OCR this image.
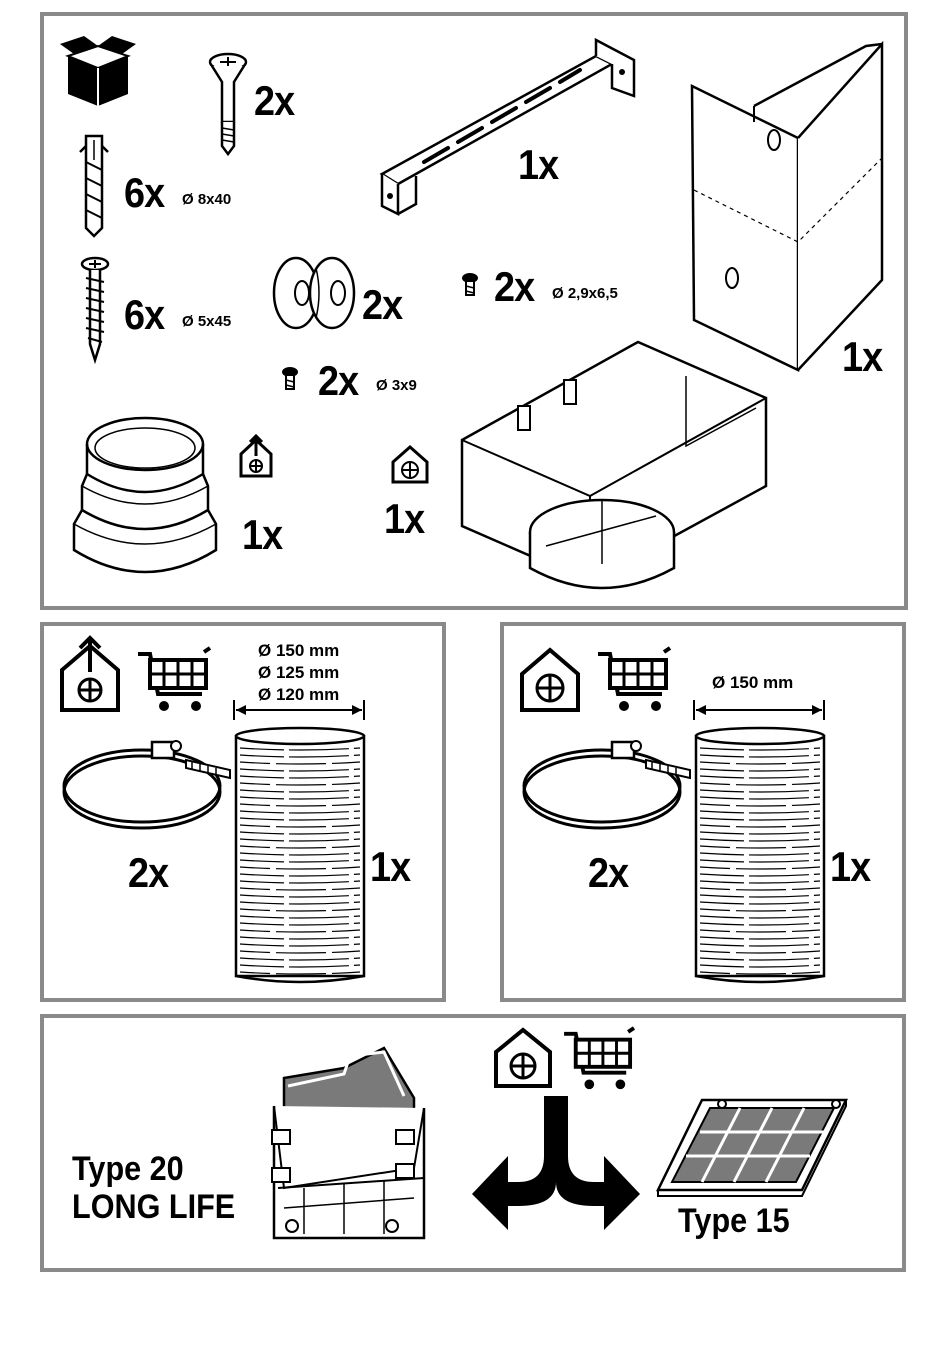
2x
6x Ø 8x40
6x Ø 5x45	2x
2x Ø 3x9
2x Ø 2,9x6,5
1x
1x
1x 1x
Ø 150 mm
Ø 125 mm
Ø 120 mm
2x	1x
Ø 150 mm
2x	1x
Type 20
LONG LIFE	Type 15
